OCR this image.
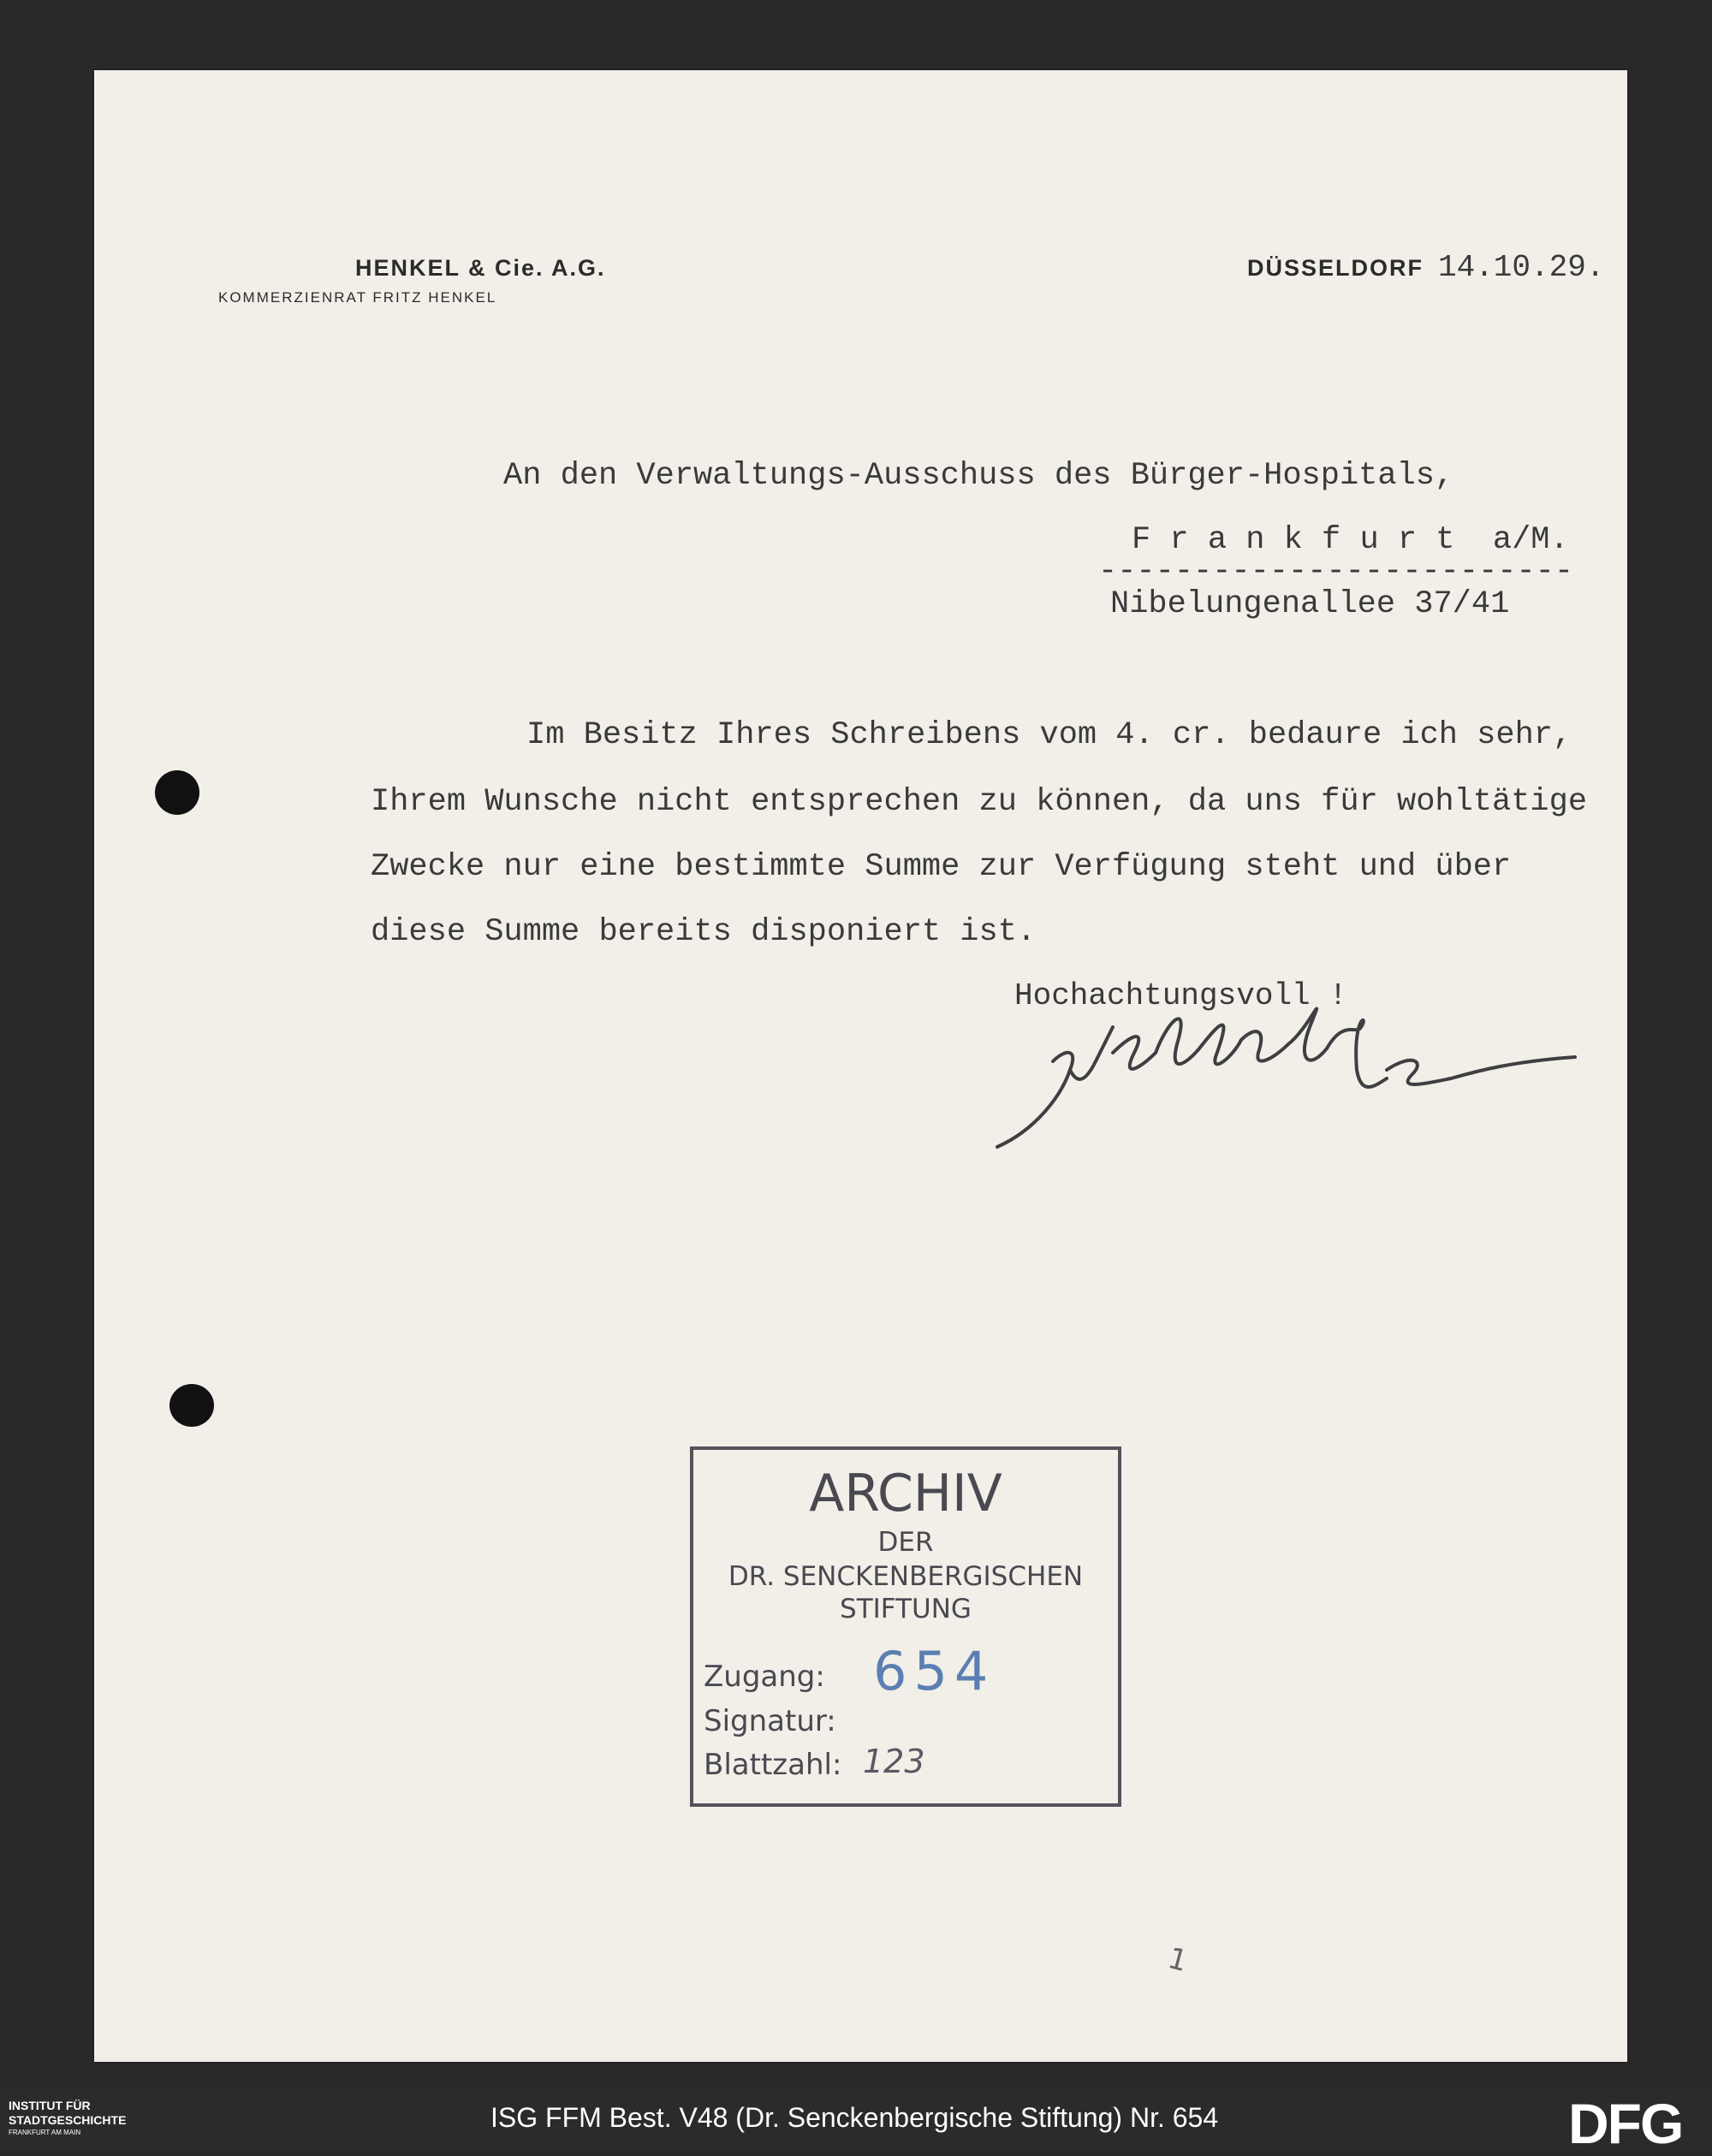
HENKEL & Cie. A.G.
KOMMERZIENRAT FRITZ HENKEL
DÜSSELDORF 14.10.29.
An den Verwaltungs-Ausschuss des Bürger-Hospitals,
F r a n k f u r t  a/M.
-------------------------
Nibelungenallee 37/41
Im Besitz Ihres Schreibens vom 4. cr. bedaure ich sehr,
Ihrem Wunsche nicht entsprechen zu können, da uns für wohltätige
Zwecke nur eine bestimmte Summe zur Verfügung steht und über
diese Summe bereits disponiert ist.
Hochachtungsvoll !
ARCHIV
DER
DR. SENCKENBERGISCHEN
STIFTUNG
Zugang: 654
Signatur:
Blattzahl: 123
1
INSTITUT FÜR
STADTGESCHICHTE
FRANKFURT AM MAIN	ISG FFM Best. V48 (Dr. Senckenbergische Stiftung) Nr. 654	DFG
